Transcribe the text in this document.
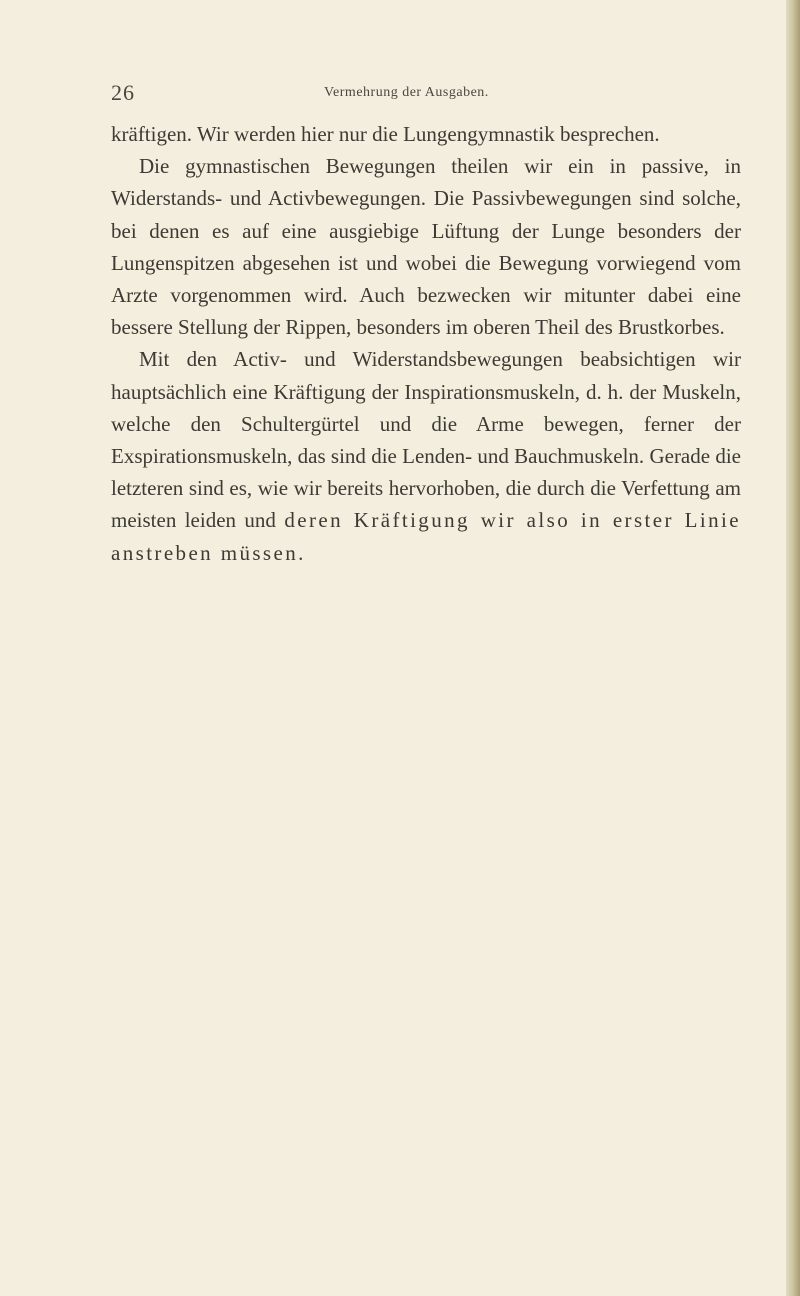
26	Vermehrung der Ausgaben.

kräftigen. Wir werden hier nur die Lungengymnastik besprechen.

Die gymnastischen Bewegungen theilen wir ein in passive, in Widerstands- und Activbewegungen. Die Passivbewegungen sind solche, bei denen es auf eine ausgiebige Lüftung der Lunge besonders der Lungenspitzen abgesehen ist und wobei die Bewegung vorwiegend vom Arzte vorgenommen wird. Auch bezwecken wir mitunter dabei eine bessere Stellung der Rippen, besonders im oberen Theil des Brustkorbes.

Mit den Activ- und Widerstandsbewegungen beabsichtigen wir hauptsächlich eine Kräftigung der Inspirationsmuskeln, d. h. der Muskeln, welche den Schultergürtel und die Arme bewegen, ferner der Exspirationsmuskeln, das sind die Lenden- und Bauchmuskeln. Gerade die letzteren sind es, wie wir bereits hervorhoben, die durch die Verfettung am meisten leiden und deren Kräftigung wir also in erster Linie anstreben müssen.
